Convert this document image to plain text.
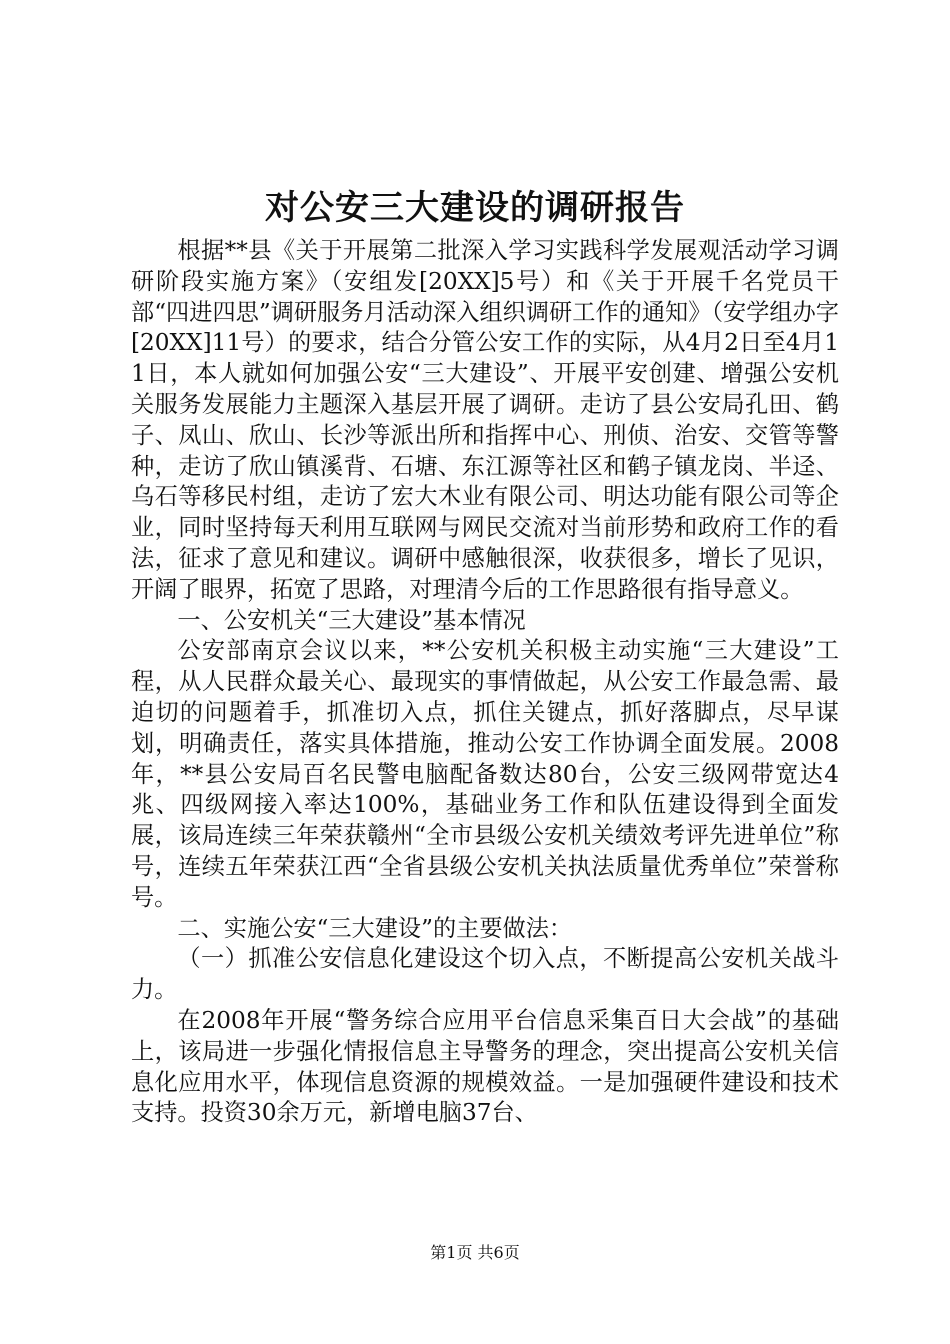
对公安三大建设的调研报告

根据**县《关于开展第二批深入学习实践科学发展观活动学习调研阶段实施方案》（安组发[20XX]5号）和《关于开展千名党员干部“四进四思”调研服务月活动深入组织调研工作的通知》（安学组办字[20XX]11号）的要求，结合分管公安工作的实际，从4月2日至4月11日，本人就如何加强公安“三大建设”、开展平安创建、增强公安机关服务发展能力主题深入基层开展了调研。走访了县公安局孔田、鹤子、凤山、欣山、长沙等派出所和指挥中心、刑侦、治安、交管等警种，走访了欣山镇溪背、石塘、东江源等社区和鹤子镇龙岗、半迳、乌石等移民村组，走访了宏大木业有限公司、明达功能有限公司等企业，同时坚持每天利用互联网与网民交流对当前形势和政府工作的看法，征求了意见和建议。调研中感触很深，收获很多，增长了见识，开阔了眼界，拓宽了思路，对理清今后的工作思路很有指导意义。

一、公安机关“三大建设”基本情况

公安部南京会议以来，**公安机关积极主动实施“三大建设”工程，从人民群众最关心、最现实的事情做起，从公安工作最急需、最迫切的问题着手，抓准切入点，抓住关键点，抓好落脚点，尽早谋划，明确责任，落实具体措施，推动公安工作协调全面发展。2008年，**县公安局百名民警电脑配备数达80台，公安三级网带宽达4兆、四级网接入率达100%，基础业务工作和队伍建设得到全面发展，该局连续三年荣获赣州“全市县级公安机关绩效考评先进单位”称号，连续五年荣获江西“全省县级公安机关执法质量优秀单位”荣誉称号。

二、实施公安“三大建设”的主要做法：

（一）抓准公安信息化建设这个切入点，不断提高公安机关战斗力。

在2008年开展“警务综合应用平台信息采集百日大会战”的基础上，该局进一步强化情报信息主导警务的理念，突出提高公安机关信息化应用水平，体现信息资源的规模效益。一是加强硬件建设和技术支持。投资30余万元，新增电脑37台、

第1页 共6页
